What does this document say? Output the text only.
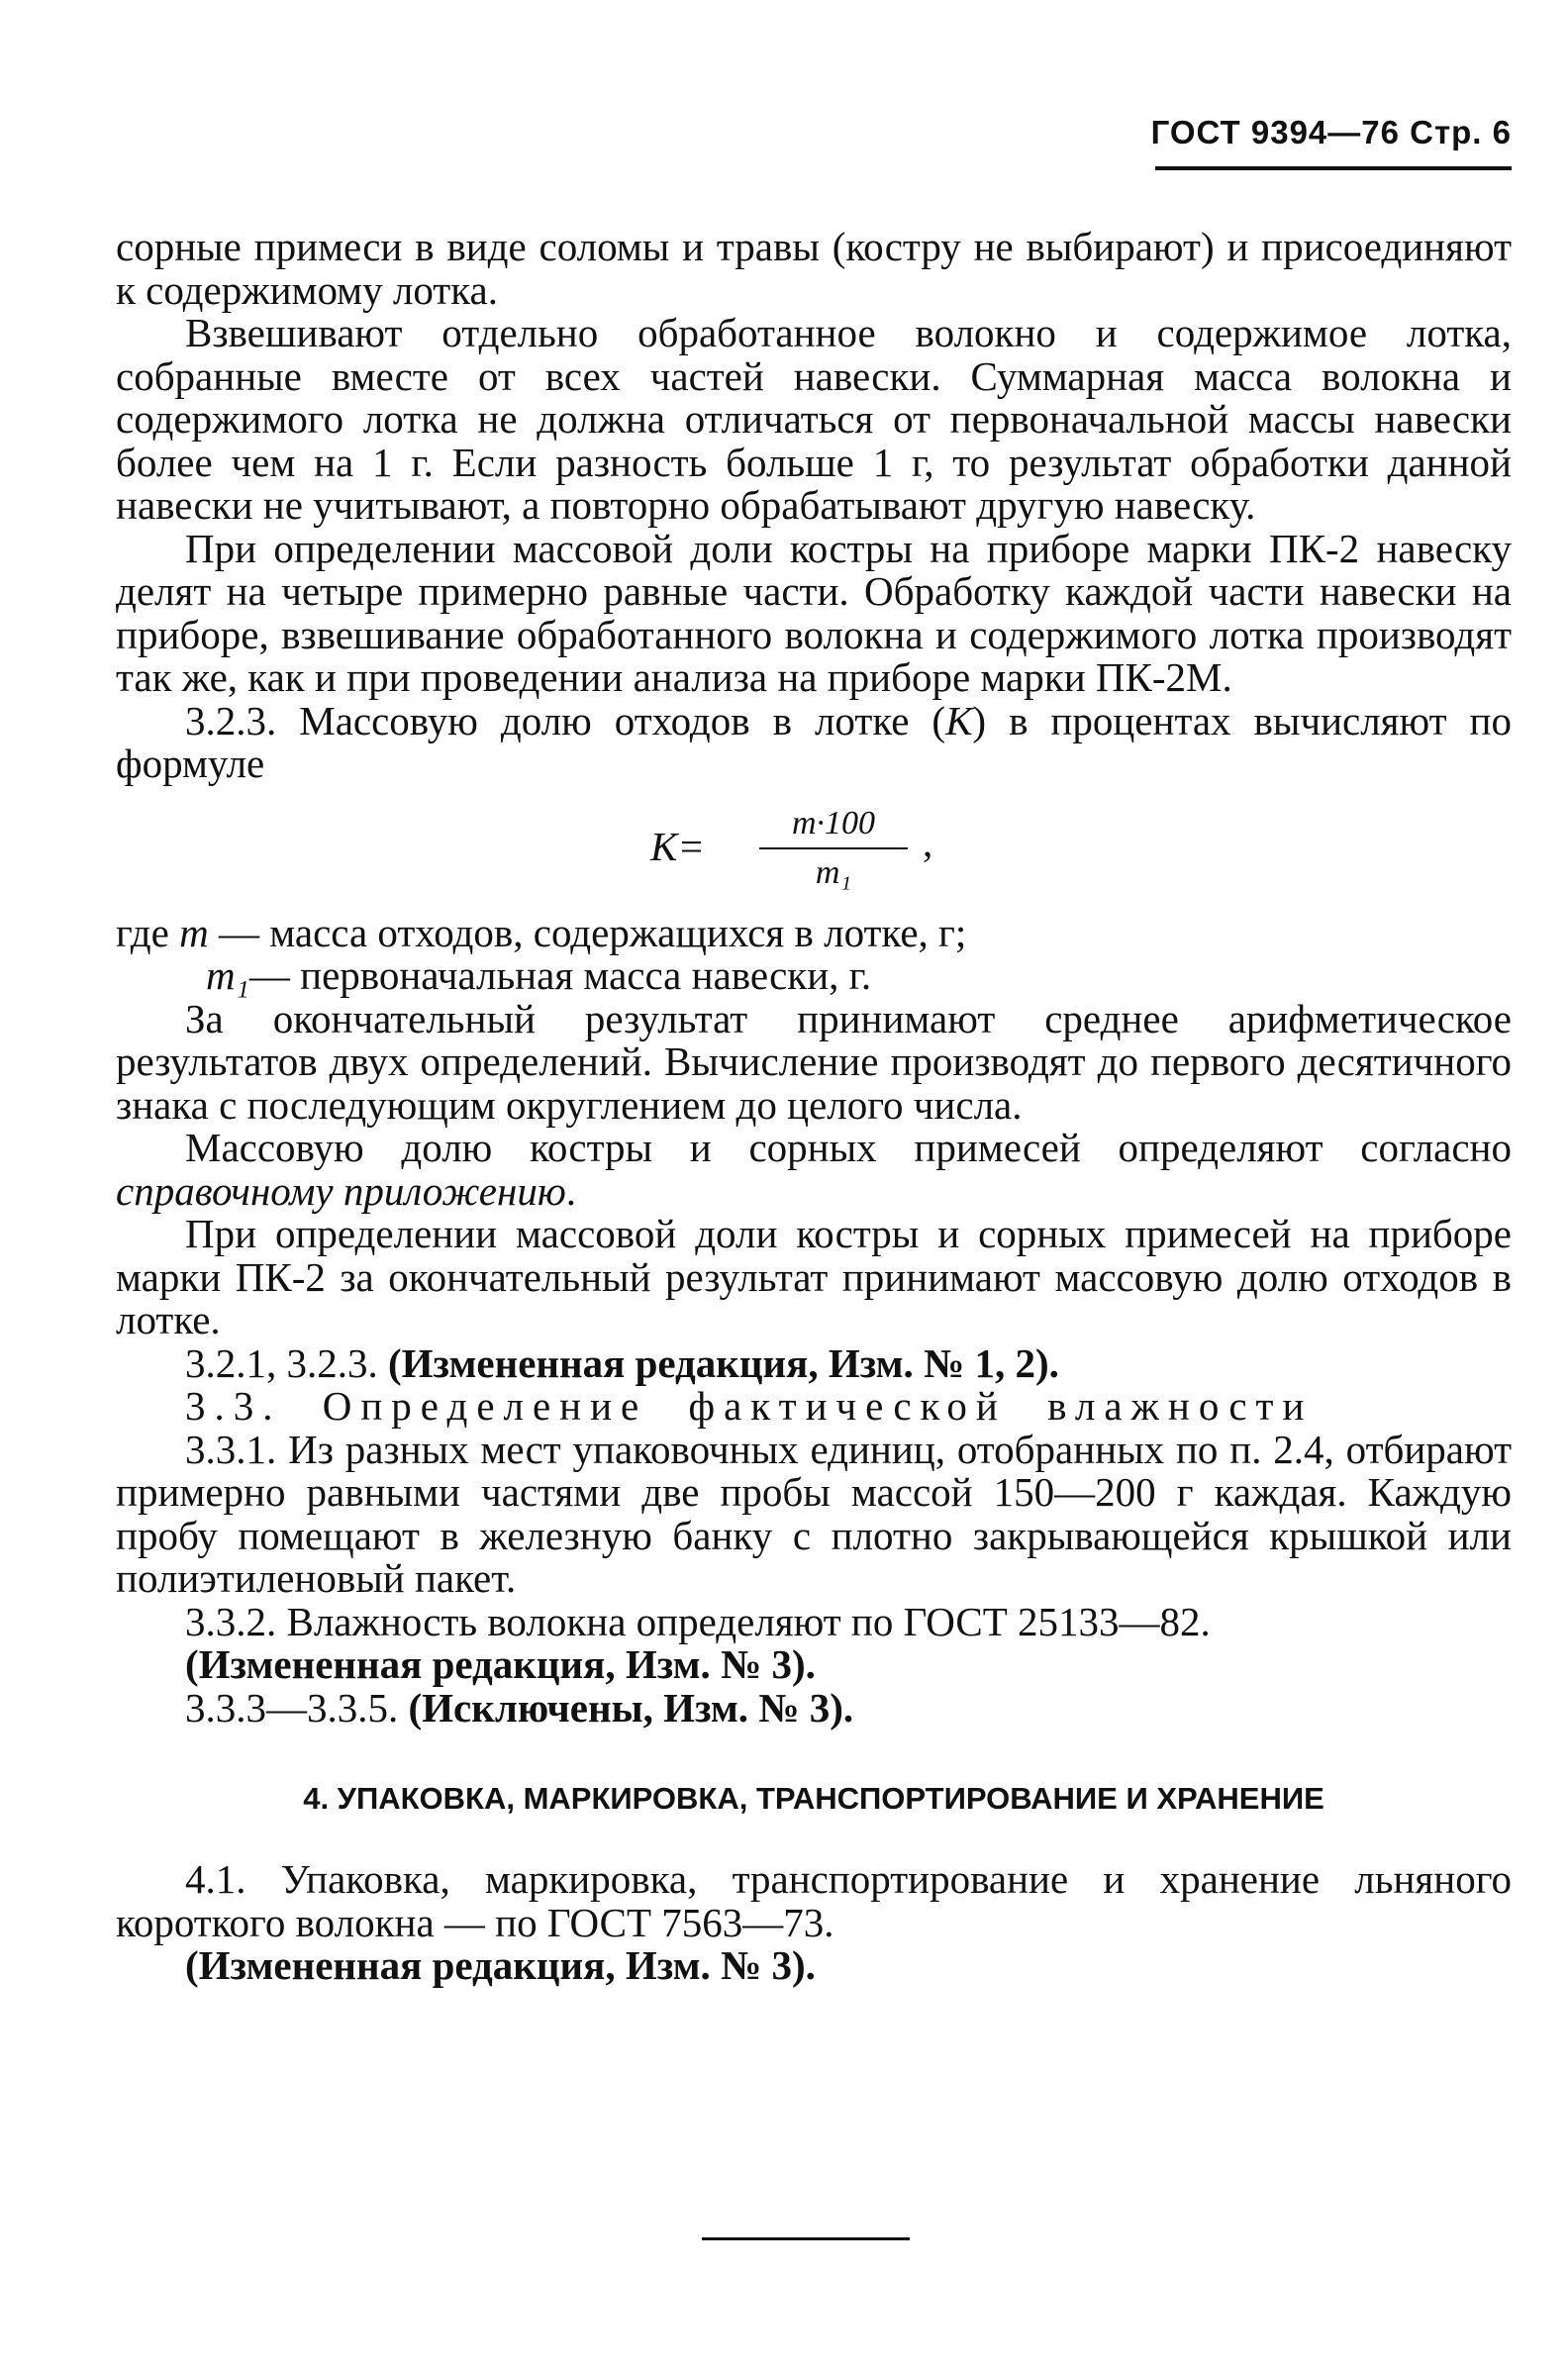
ГОСТ 9394—76 Стр. 6

сорные примеси в виде соломы и травы (костру не выбирают) и присоединяют к содержимому лотка.

Взвешивают отдельно обработанное волокно и содержимое лотка, собранные вместе от всех частей навески. Суммарная масса волокна и содержимого лотка не должна отличаться от первоначальной массы навески более чем на 1 г. Если разность больше 1 г, то результат обработки данной навески не учитывают, а повторно обрабатывают другую навеску.

При определении массовой доли костры на приборе марки ПК-2 навеску делят на четыре примерно равные части. Обработку каждой части навески на приборе, взвешивание обработанного волокна и содержимого лотка производят так же, как и при проведении анализа на приборе марки ПК-2М.

3.2.3. Массовую долю отходов в лотке (K) в процентах вычисляют по формуле

K=
m·100
m₁
,

где m — масса отходов, содержащихся в лотке, г;

m₁— первоначальная масса навески, г.

За окончательный результат принимают среднее арифметическое результатов двух определений. Вычисление производят до первого десятичного знака с последующим округлением до целого числа.

Массовую долю костры и сорных примесей определяют согласно справочному приложению.

При определении массовой доли костры и сорных примесей на приборе марки ПК-2 за окончательный результат принимают массовую долю отходов в лотке.

3.2.1, 3.2.3. (Измененная редакция, Изм. № 1, 2).

3.3. Определение фактической влажности

3.3.1. Из разных мест упаковочных единиц, отобранных по п. 2.4, отбирают примерно равными частями две пробы массой 150—200 г каждая. Каждую пробу помещают в железную банку с плотно закрывающейся крышкой или полиэтиленовый пакет.

3.3.2. Влажность волокна определяют по ГОСТ 25133—82.

(Измененная редакция, Изм. № 3).

3.3.3—3.3.5. (Исключены, Изм. № 3).

4. УПАКОВКА, МАРКИРОВКА, ТРАНСПОРТИРОВАНИЕ И ХРАНЕНИЕ

4.1. Упаковка, маркировка, транспортирование и хранение льняного короткого волокна — по ГОСТ 7563—73.

(Измененная редакция, Изм. № 3).
